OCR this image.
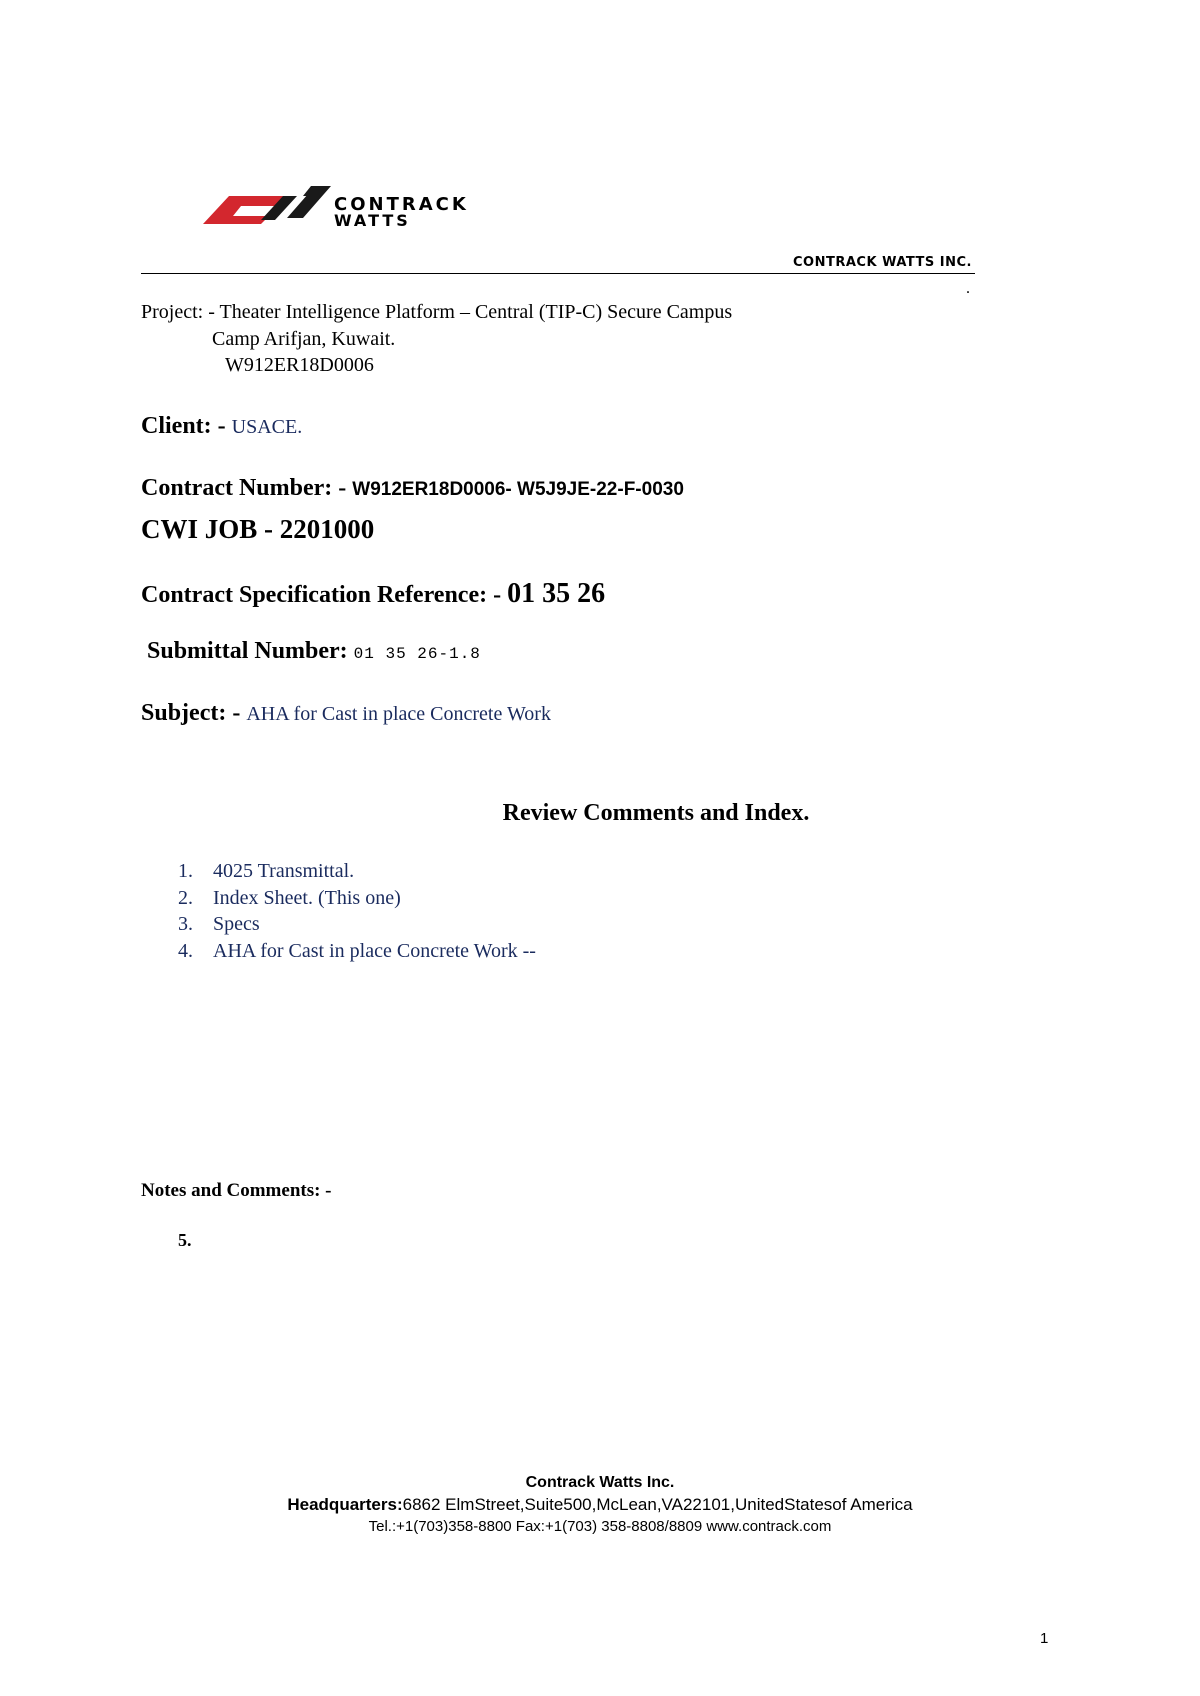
CONTRACK
WATTS
CONTRACK WATTS INC.
.
Project: - Theater Intelligence Platform – Central (TIP-C) Secure Campus
Camp Arifjan, Kuwait.
W912ER18D0006
Client: - USACE.
Contract Number: - W912ER18D0006- W5J9JE-22-F-0030
CWI JOB - 2201000
Contract Specification Reference: - 01 35 26
Submittal Number: 01 35 26-1.8
Subject: - AHA for Cast in place Concrete Work
Review Comments and Index.
1.	4025 Transmittal.
2.	Index Sheet. (This one)
3.	Specs
4.	AHA for Cast in place Concrete Work --
Notes and Comments: -
5.
Contrack Watts Inc.
Headquarters:6862 ElmStreet,Suite500,McLean,VA22101,UnitedStatesof America
Tel.:+1(703)358-8800 Fax:+1(703) 358-8808/8809 www.contrack.com
1
